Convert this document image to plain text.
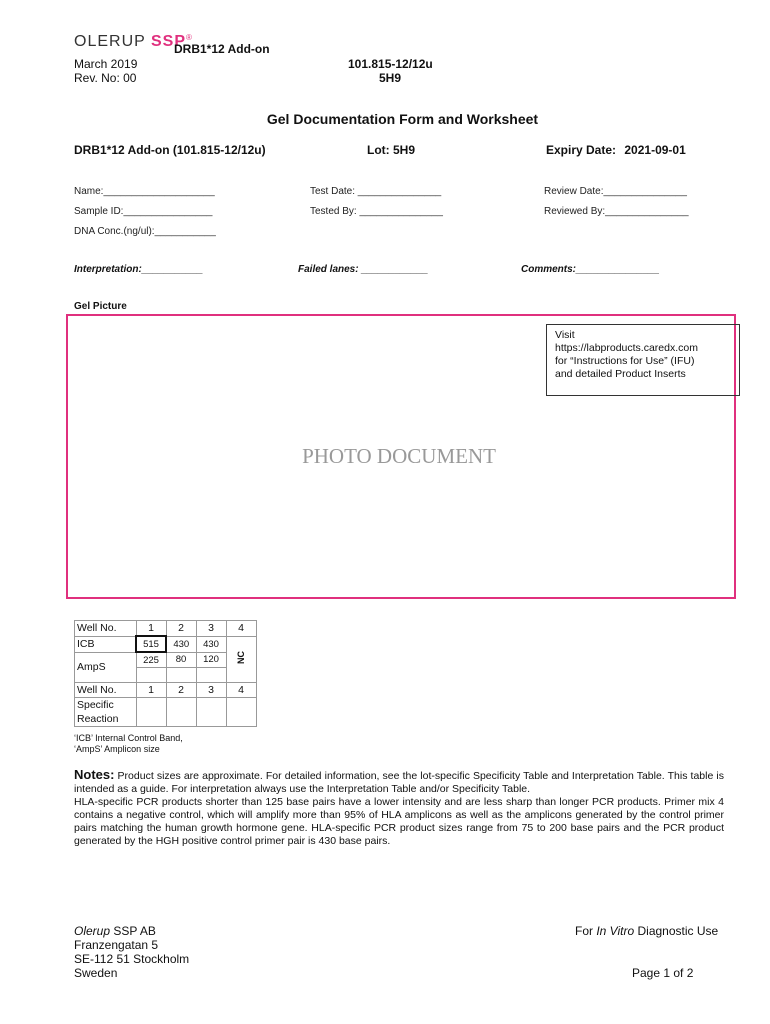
OLERUP SSP®
DRB1*12 Add-on
March 2019
Rev. No: 00
101.815-12/12u
5H9
Gel Documentation Form and Worksheet
DRB1*12 Add-on (101.815-12/12u)	Lot: 5H9	Expiry Date: 2021-09-01
Name:____________________	Test Date: _______________	Review Date:_______________
Sample ID:________________	Tested By: _______________	Reviewed By:_______________
DNA Conc.(ng/ul):___________
Interpretation:___________	Failed lanes: ____________	Comments:_______________
Gel Picture
Visit
https://labproducts.caredx.com
for “Instructions for Use” (IFU)
and detailed Product Inserts
PHOTO DOCUMENT
Well No.	1	2	3	4
ICB	515	430	430	NC
AmpS	225	80	120	

Well No.	1	2	3	4

Specific
Reaction				

‘ICB’ Internal Control Band,
‘AmpS’ Amplicon size
Notes: Product sizes are approximate. For detailed information, see the lot-specific Specificity Table and Interpretation Table. This table is intended as a guide. For interpretation always use the Interpretation Table and/or Specificity Table.
HLA-specific PCR products shorter than 125 base pairs have a lower intensity and are less sharp than longer PCR products. Primer mix 4 contains a negative control, which will amplify more than 95% of HLA amplicons as well as the amplicons generated by the control primer pairs matching the human growth hormone gene. HLA-specific PCR product sizes range from 75 to 200 base pairs and the PCR product generated by the HGH positive control primer pair is 430 base pairs.
Olerup SSP AB
Franzengatan 5
SE-112 51 Stockholm
Sweden
For In Vitro Diagnostic Use
Page 1 of 2
